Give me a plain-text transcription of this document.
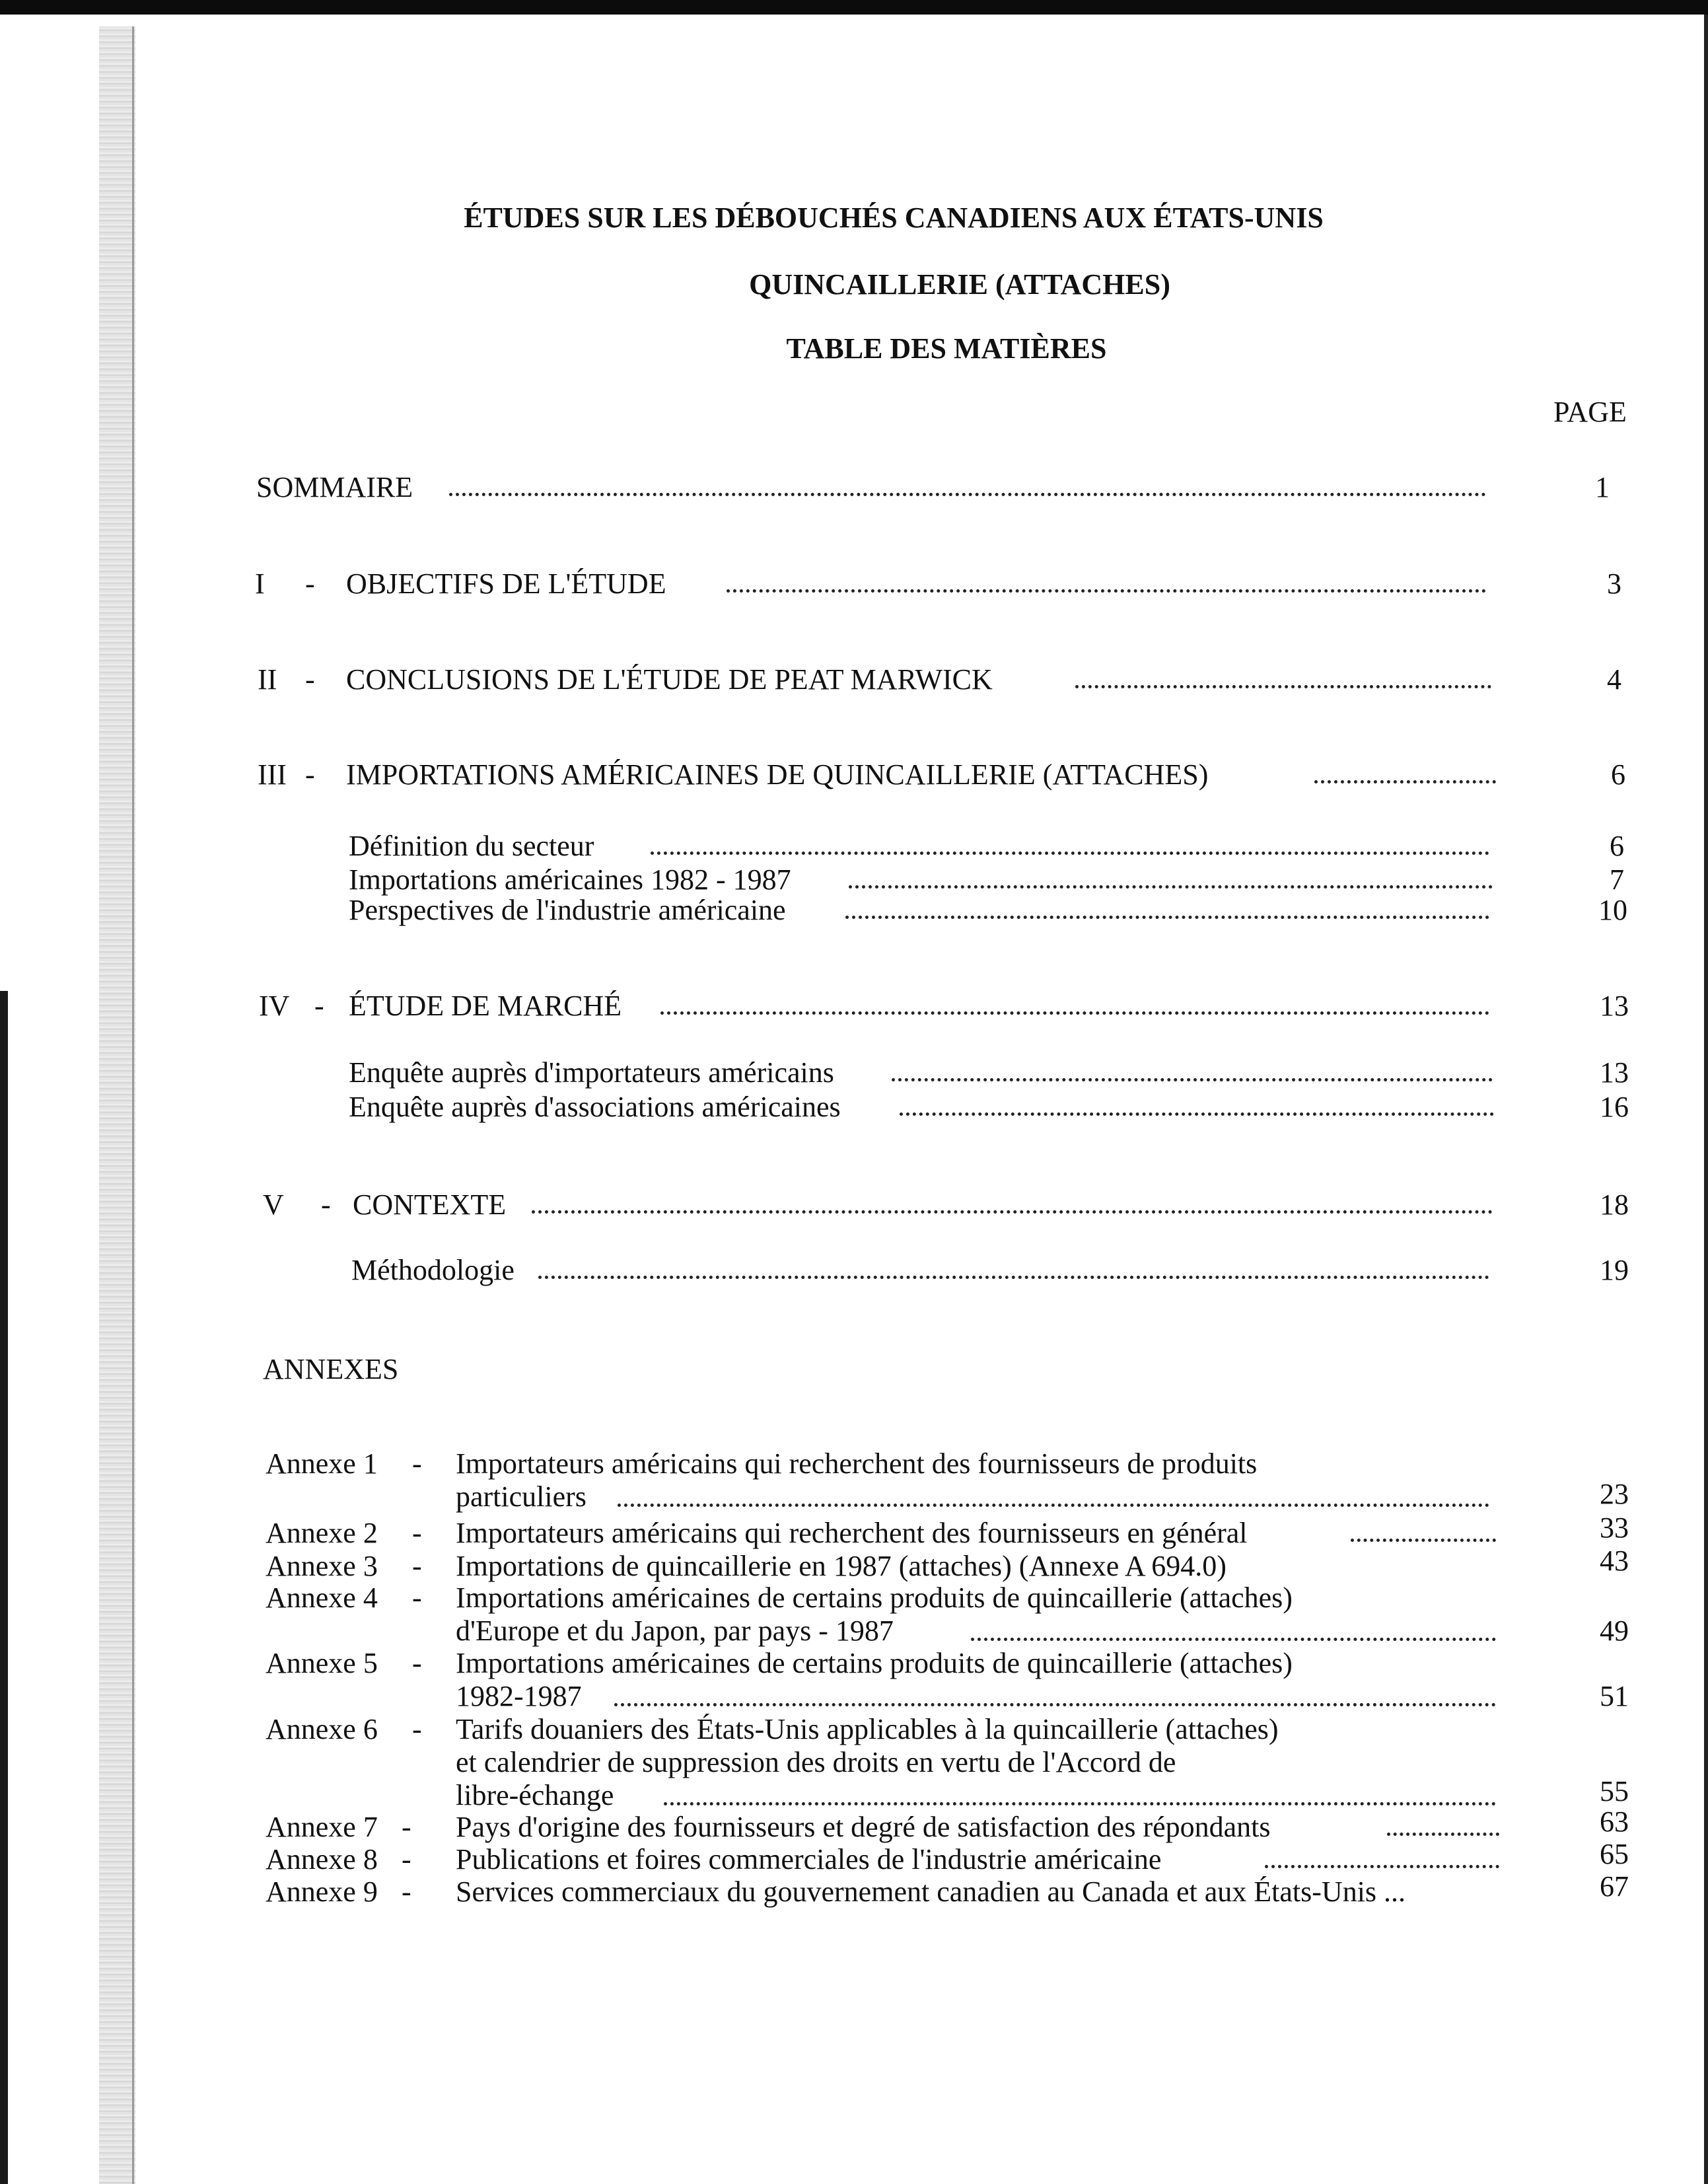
ÉTUDES SUR LES DÉBOUCHÉS CANADIENS AUX ÉTATS-UNIS
QUINCAILLERIE (ATTACHES)
TABLE DES MATIÈRES
PAGE
SOMMAIRE	1
I - OBJECTIFS DE L'ÉTUDE	3
II - CONCLUSIONS DE L'ÉTUDE DE PEAT MARWICK	4
III - IMPORTATIONS AMÉRICAINES DE QUINCAILLERIE (ATTACHES)	6
Définition du secteur	6
Importations américaines 1982 - 1987	7
Perspectives de l'industrie américaine	10
IV - ÉTUDE DE MARCHÉ	13
Enquête auprès d'importateurs américains	13
Enquête auprès d'associations américaines	16
V - CONTEXTE	18
Méthodologie	19
ANNEXES
Annexe 1 - Importateurs américains qui recherchent des fournisseurs de produits
particuliers	23
Annexe 2 - Importateurs américains qui recherchent des fournisseurs en général	33
Annexe 3 - Importations de quincaillerie en 1987 (attaches) (Annexe A 694.0)	43
Annexe 4 - Importations américaines de certains produits de quincaillerie (attaches)
d'Europe et du Japon, par pays - 1987	49
Annexe 5 - Importations américaines de certains produits de quincaillerie (attaches)
1982-1987	51
Annexe 6 - Tarifs douaniers des États-Unis applicables à la quincaillerie (attaches)
et calendrier de suppression des droits en vertu de l'Accord de
libre-échange	55
Annexe 7 - Pays d'origine des fournisseurs et degré de satisfaction des répondants	63
Annexe 8 - Publications et foires commerciales de l'industrie américaine	65
Annexe 9 - Services commerciaux du gouvernement canadien au Canada et aux États-Unis ...	67
